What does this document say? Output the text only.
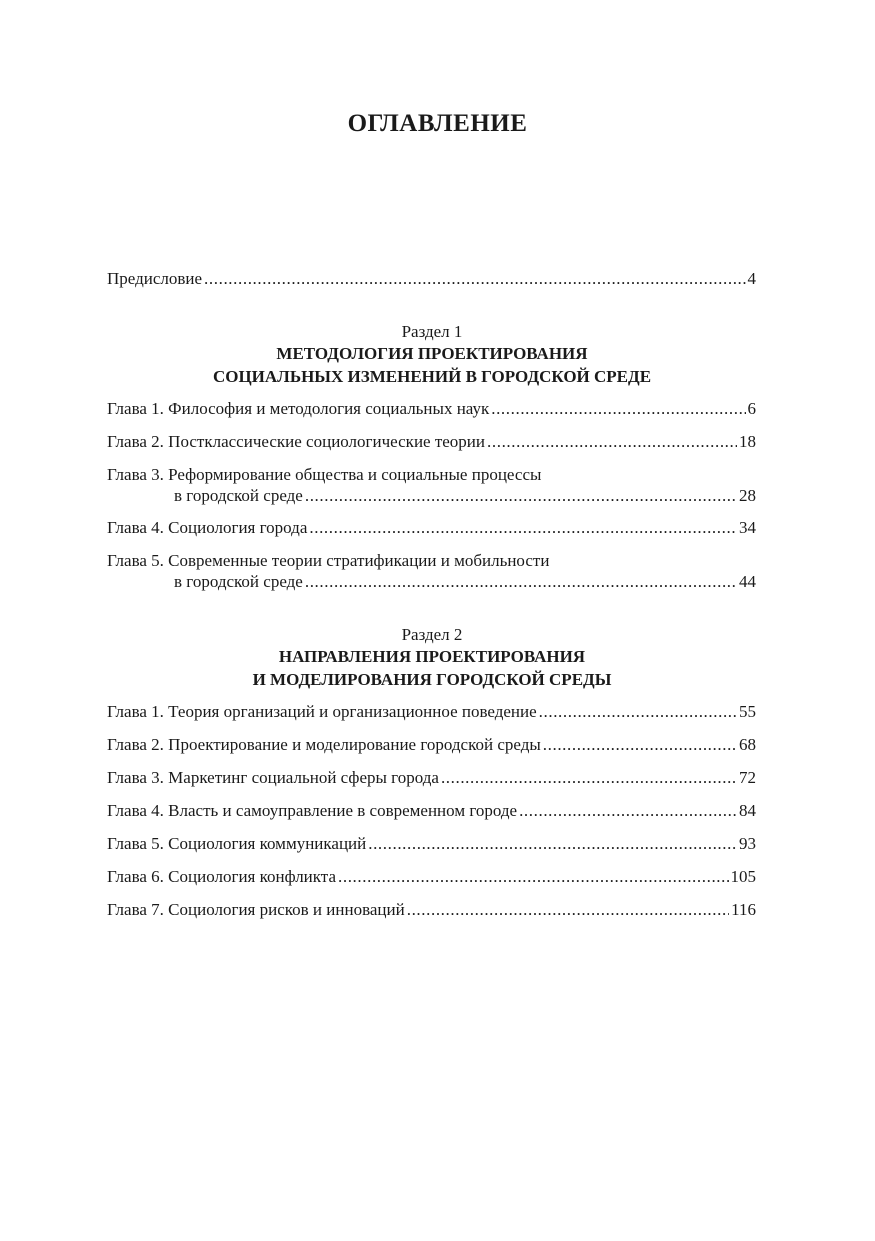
ОГЛАВЛЕНИЕ
Предисловие .....	4
Раздел 1
МЕТОДОЛОГИЯ ПРОЕКТИРОВАНИЯ
СОЦИАЛЬНЫХ ИЗМЕНЕНИЙ В ГОРОДСКОЙ СРЕДЕ
Глава 1. Философия и методология социальных наук .....	6
Глава 2. Постклассические социологические теории .....	18
Глава 3. Реформирование общества и социальные процессы
в городской среде .....	28
Глава 4. Социология города .....	34
Глава 5. Современные теории стратификации и мобильности
в городской среде .....	44
Раздел 2
НАПРАВЛЕНИЯ ПРОЕКТИРОВАНИЯ
И МОДЕЛИРОВАНИЯ ГОРОДСКОЙ СРЕДЫ
Глава 1. Теория организаций и организационное поведение .....	55
Глава 2. Проектирование и моделирование городской среды .....	68
Глава 3. Маркетинг социальной сферы города .....	72
Глава 4. Власть и самоуправление в современном городе .....	84
Глава 5. Социология коммуникаций .....	93
Глава 6. Социология конфликта .....	105
Глава 7. Социология рисков и инноваций .....	116
